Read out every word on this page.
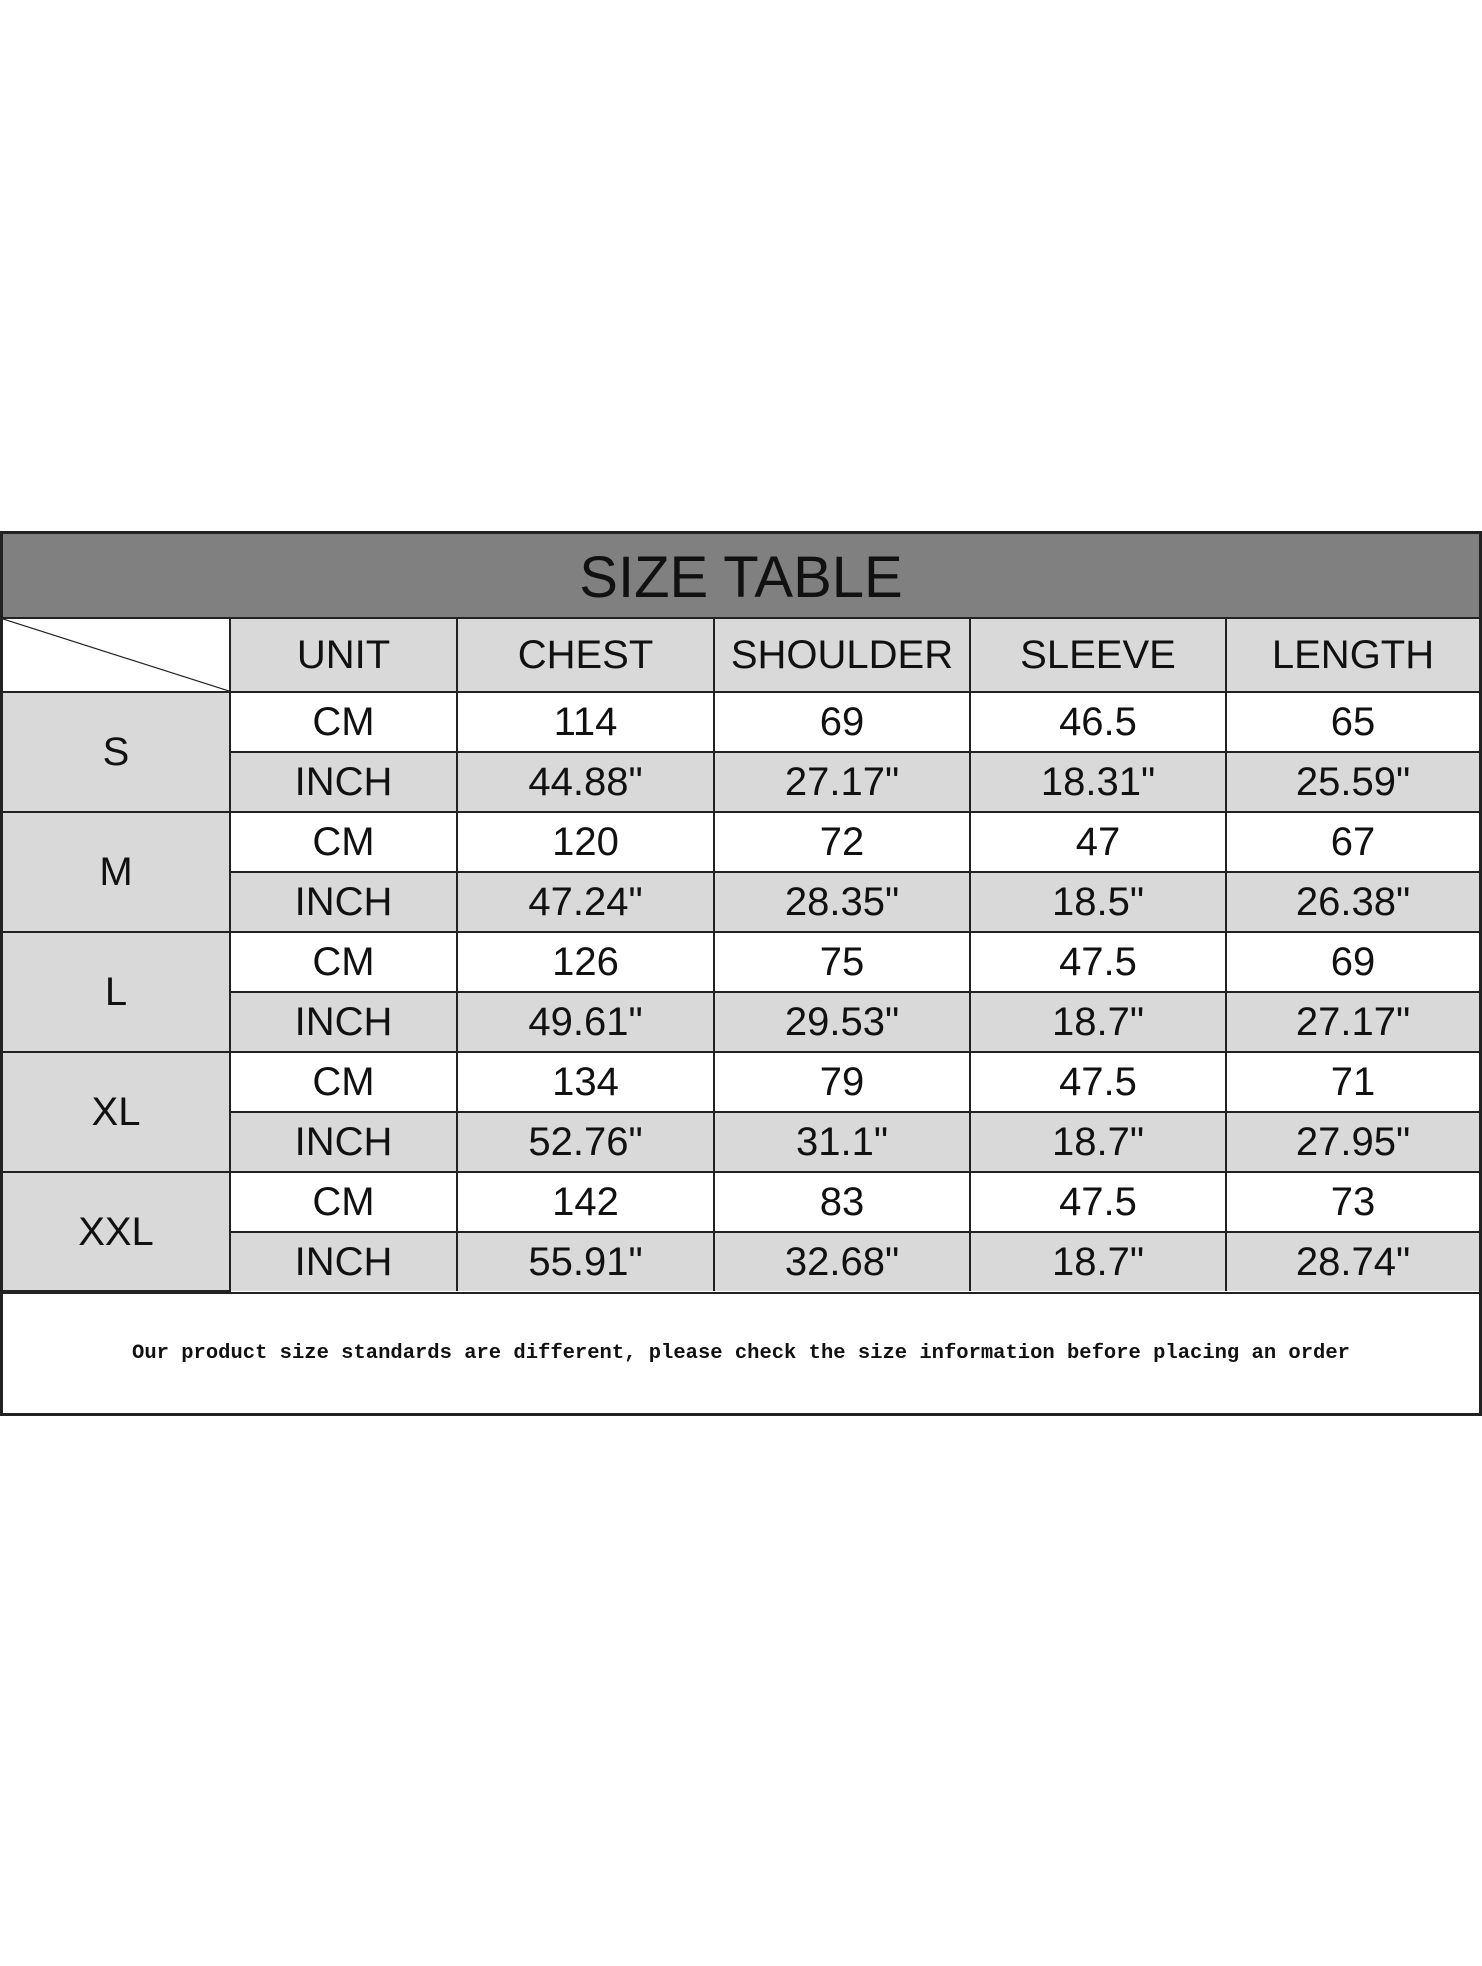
SIZE TABLE
	UNIT	CHEST	SHOULDER	SLEEVE	LENGTH
S	CM	114	69	46.5	65
	INCH	44.88"	27.17"	18.31"	25.59"
M	CM	120	72	47	67
	INCH	47.24"	28.35"	18.5"	26.38"
L	CM	126	75	47.5	69
	INCH	49.61"	29.53"	18.7"	27.17"
XL	CM	134	79	47.5	71
	INCH	52.76"	31.1"	18.7"	27.95"
XXL	CM	142	83	47.5	73
	INCH	55.91"	32.68"	18.7"	28.74"
Our product size standards are different, please check the size information before placing an order
